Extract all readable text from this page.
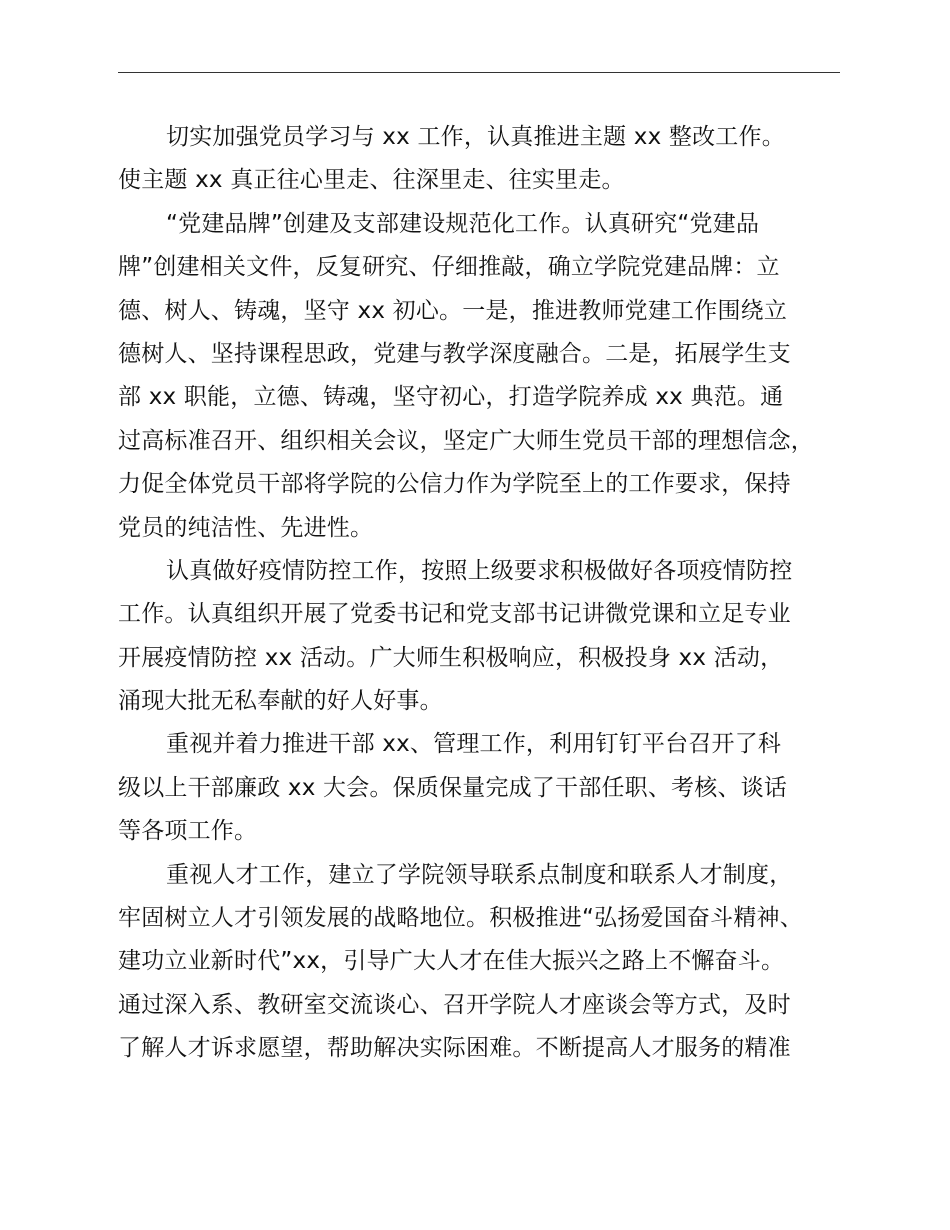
切实加强党员学习与 xx 工作，认真推进主题 xx 整改工作。
使主题 xx 真正往心里走、往深里走、往实里走。
“党建品牌”创建及支部建设规范化工作。认真研究“党建品
牌”创建相关文件，反复研究、仔细推敲，确立学院党建品牌：立
德、树人、铸魂，坚守 xx 初心。一是，推进教师党建工作围绕立
德树人、坚持课程思政，党建与教学深度融合。二是，拓展学生支
部 xx 职能，立德、铸魂，坚守初心，打造学院养成 xx 典范。通
过高标准召开、组织相关会议，坚定广大师生党员干部的理想信念，
力促全体党员干部将学院的公信力作为学院至上的工作要求，保持
党员的纯洁性、先进性。
认真做好疫情防控工作，按照上级要求积极做好各项疫情防控
工作。认真组织开展了党委书记和党支部书记讲微党课和立足专业
开展疫情防控 xx 活动。广大师生积极响应，积极投身 xx 活动，
涌现大批无私奉献的好人好事。
重视并着力推进干部 xx、管理工作，利用钉钉平台召开了科
级以上干部廉政 xx 大会。保质保量完成了干部任职、考核、谈话
等各项工作。
重视人才工作，建立了学院领导联系点制度和联系人才制度，
牢固树立人才引领发展的战略地位。积极推进“弘扬爱国奋斗精神、
建功立业新时代”xx，引导广大人才在佳大振兴之路上不懈奋斗。
通过深入系、教研室交流谈心、召开学院人才座谈会等方式，及时
了解人才诉求愿望，帮助解决实际困难。不断提高人才服务的精准
